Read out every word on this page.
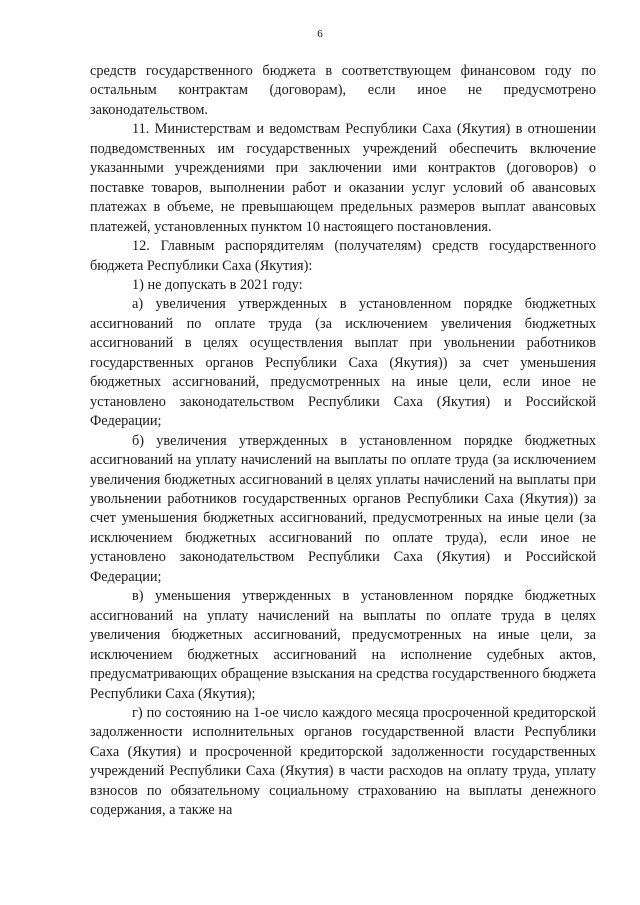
6

средств государственного бюджета в соответствующем финансовом году по остальным контрактам (договорам), если иное не предусмотрено законодательством.

11. Министерствам и ведомствам Республики Саха (Якутия) в отношении подведомственных им государственных учреждений обеспечить включение указанными учреждениями при заключении ими контрактов (договоров) о поставке товаров, выполнении работ и оказании услуг условий об авансовых платежах в объеме, не превышающем предельных размеров выплат авансовых платежей, установленных пунктом 10 настоящего постановления.

12. Главным распорядителям (получателям) средств государственного бюджета Республики Саха (Якутия):

1) не допускать в 2021 году:

а) увеличения утвержденных в установленном порядке бюджетных ассигнований по оплате труда (за исключением увеличения бюджетных ассигнований в целях осуществления выплат при увольнении работников государственных органов Республики Саха (Якутия)) за счет уменьшения бюджетных ассигнований, предусмотренных на иные цели, если иное не установлено законодательством Республики Саха (Якутия) и Российской Федерации;

б) увеличения утвержденных в установленном порядке бюджетных ассигнований на уплату начислений на выплаты по оплате труда (за исключением увеличения бюджетных ассигнований в целях уплаты начислений на выплаты при увольнении работников государственных органов Республики Саха (Якутия)) за счет уменьшения бюджетных ассигнований, предусмотренных на иные цели (за исключением бюджетных ассигнований по оплате труда), если иное не установлено законодательством Республики Саха (Якутия) и Российской Федерации;

в) уменьшения утвержденных в установленном порядке бюджетных ассигнований на уплату начислений на выплаты по оплате труда в целях увеличения бюджетных ассигнований, предусмотренных на иные цели, за исключением бюджетных ассигнований на исполнение судебных актов, предусматривающих обращение взыскания на средства государственного бюджета Республики Саха (Якутия);

г) по состоянию на 1-ое число каждого месяца просроченной кредиторской задолженности исполнительных органов государственной власти Республики Саха (Якутия) и просроченной кредиторской задолженности государственных учреждений Республики Саха (Якутия) в части расходов на оплату труда, уплату взносов по обязательному социальному страхованию на выплаты денежного содержания, а также на
